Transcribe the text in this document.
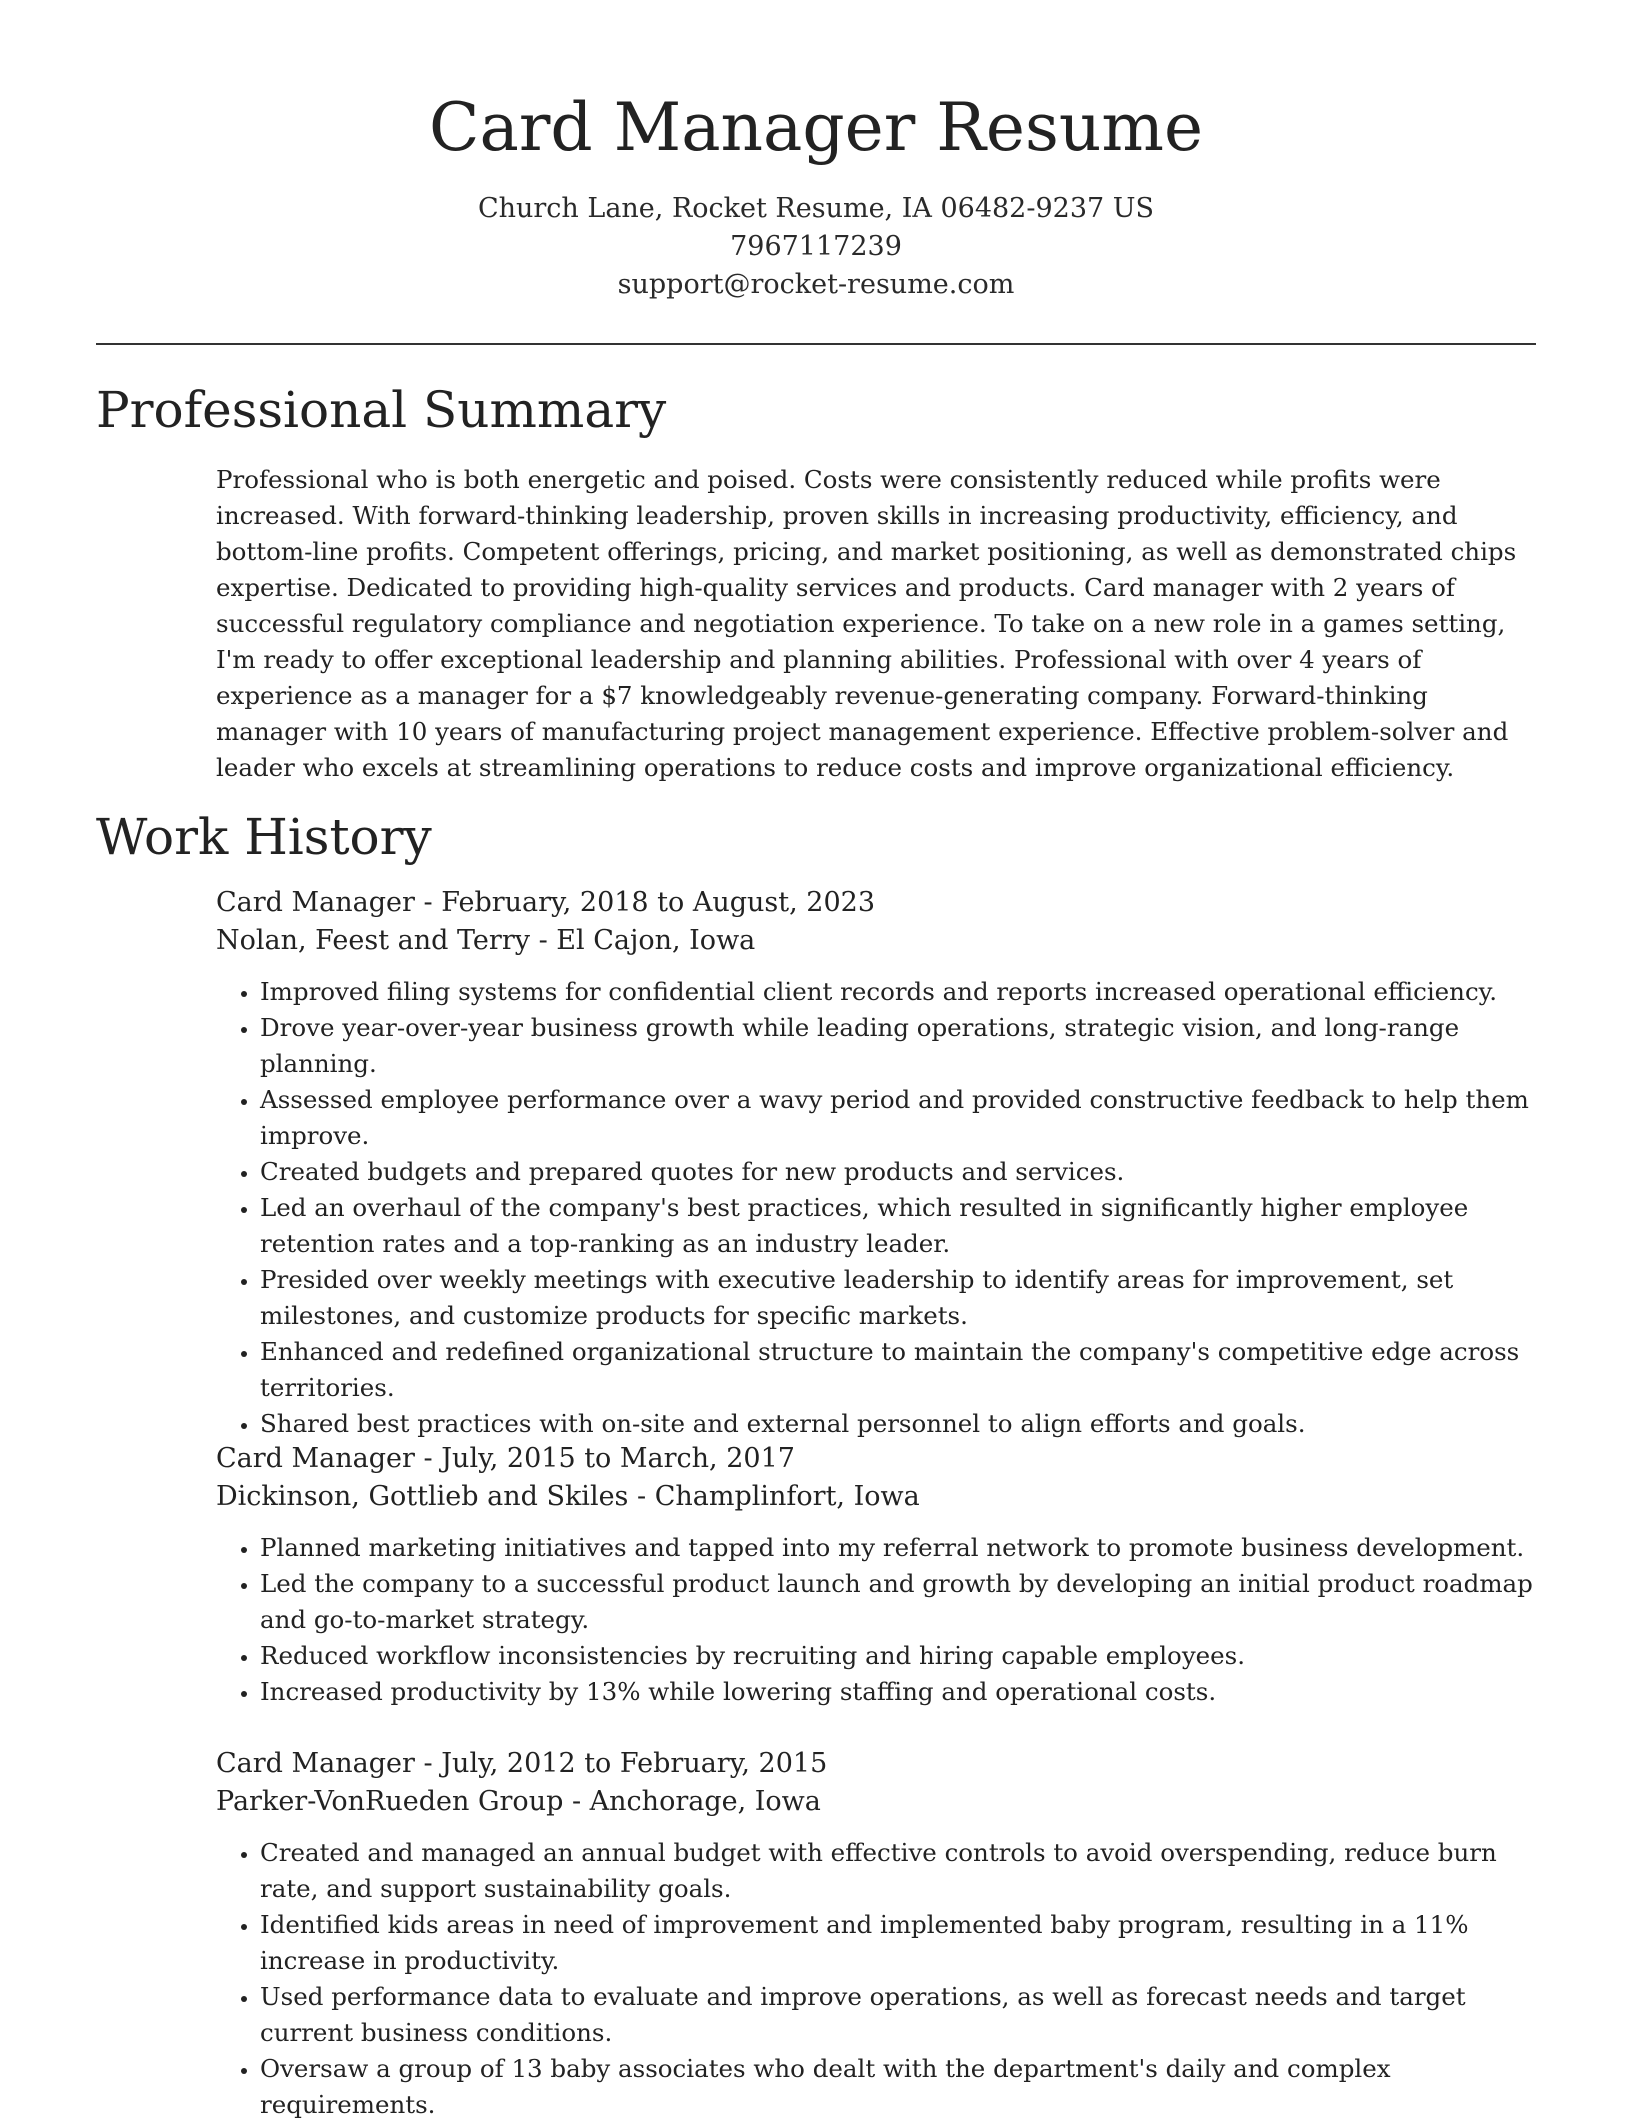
Card Manager Resume
Church Lane, Rocket Resume, IA 06482-9237 US
7967117239
support@rocket-resume.com
Professional Summary
Professional who is both energetic and poised. Costs were consistently reduced while profits were increased. With forward-thinking leadership, proven skills in increasing productivity, efficiency, and bottom-line profits. Competent offerings, pricing, and market positioning, as well as demonstrated chips expertise. Dedicated to providing high-quality services and products. Card manager with 2 years of successful regulatory compliance and negotiation experience. To take on a new role in a games setting, I'm ready to offer exceptional leadership and planning abilities. Professional with over 4 years of experience as a manager for a $7 knowledgeably revenue-generating company. Forward-thinking manager with 10 years of manufacturing project management experience. Effective problem-solver and leader who excels at streamlining operations to reduce costs and improve organizational efficiency.
Work History
Card Manager - February, 2018 to August, 2023
Nolan, Feest and Terry - El Cajon, Iowa
• Improved filing systems for confidential client records and reports increased operational efficiency.
• Drove year-over-year business growth while leading operations, strategic vision, and long-range planning.
• Assessed employee performance over a wavy period and provided constructive feedback to help them improve.
• Created budgets and prepared quotes for new products and services.
• Led an overhaul of the company's best practices, which resulted in significantly higher employee retention rates and a top-ranking as an industry leader.
• Presided over weekly meetings with executive leadership to identify areas for improvement, set milestones, and customize products for specific markets.
• Enhanced and redefined organizational structure to maintain the company's competitive edge across territories.
• Shared best practices with on-site and external personnel to align efforts and goals.
Card Manager - July, 2015 to March, 2017
Dickinson, Gottlieb and Skiles - Champlinfort, Iowa
• Planned marketing initiatives and tapped into my referral network to promote business development.
• Led the company to a successful product launch and growth by developing an initial product roadmap and go-to-market strategy.
• Reduced workflow inconsistencies by recruiting and hiring capable employees.
• Increased productivity by 13% while lowering staffing and operational costs.
Card Manager - July, 2012 to February, 2015
Parker-VonRueden Group - Anchorage, Iowa
• Created and managed an annual budget with effective controls to avoid overspending, reduce burn rate, and support sustainability goals.
• Identified kids areas in need of improvement and implemented baby program, resulting in a 11% increase in productivity.
• Used performance data to evaluate and improve operations, as well as forecast needs and target current business conditions.
• Oversaw a group of 13 baby associates who dealt with the department's daily and complex requirements.
